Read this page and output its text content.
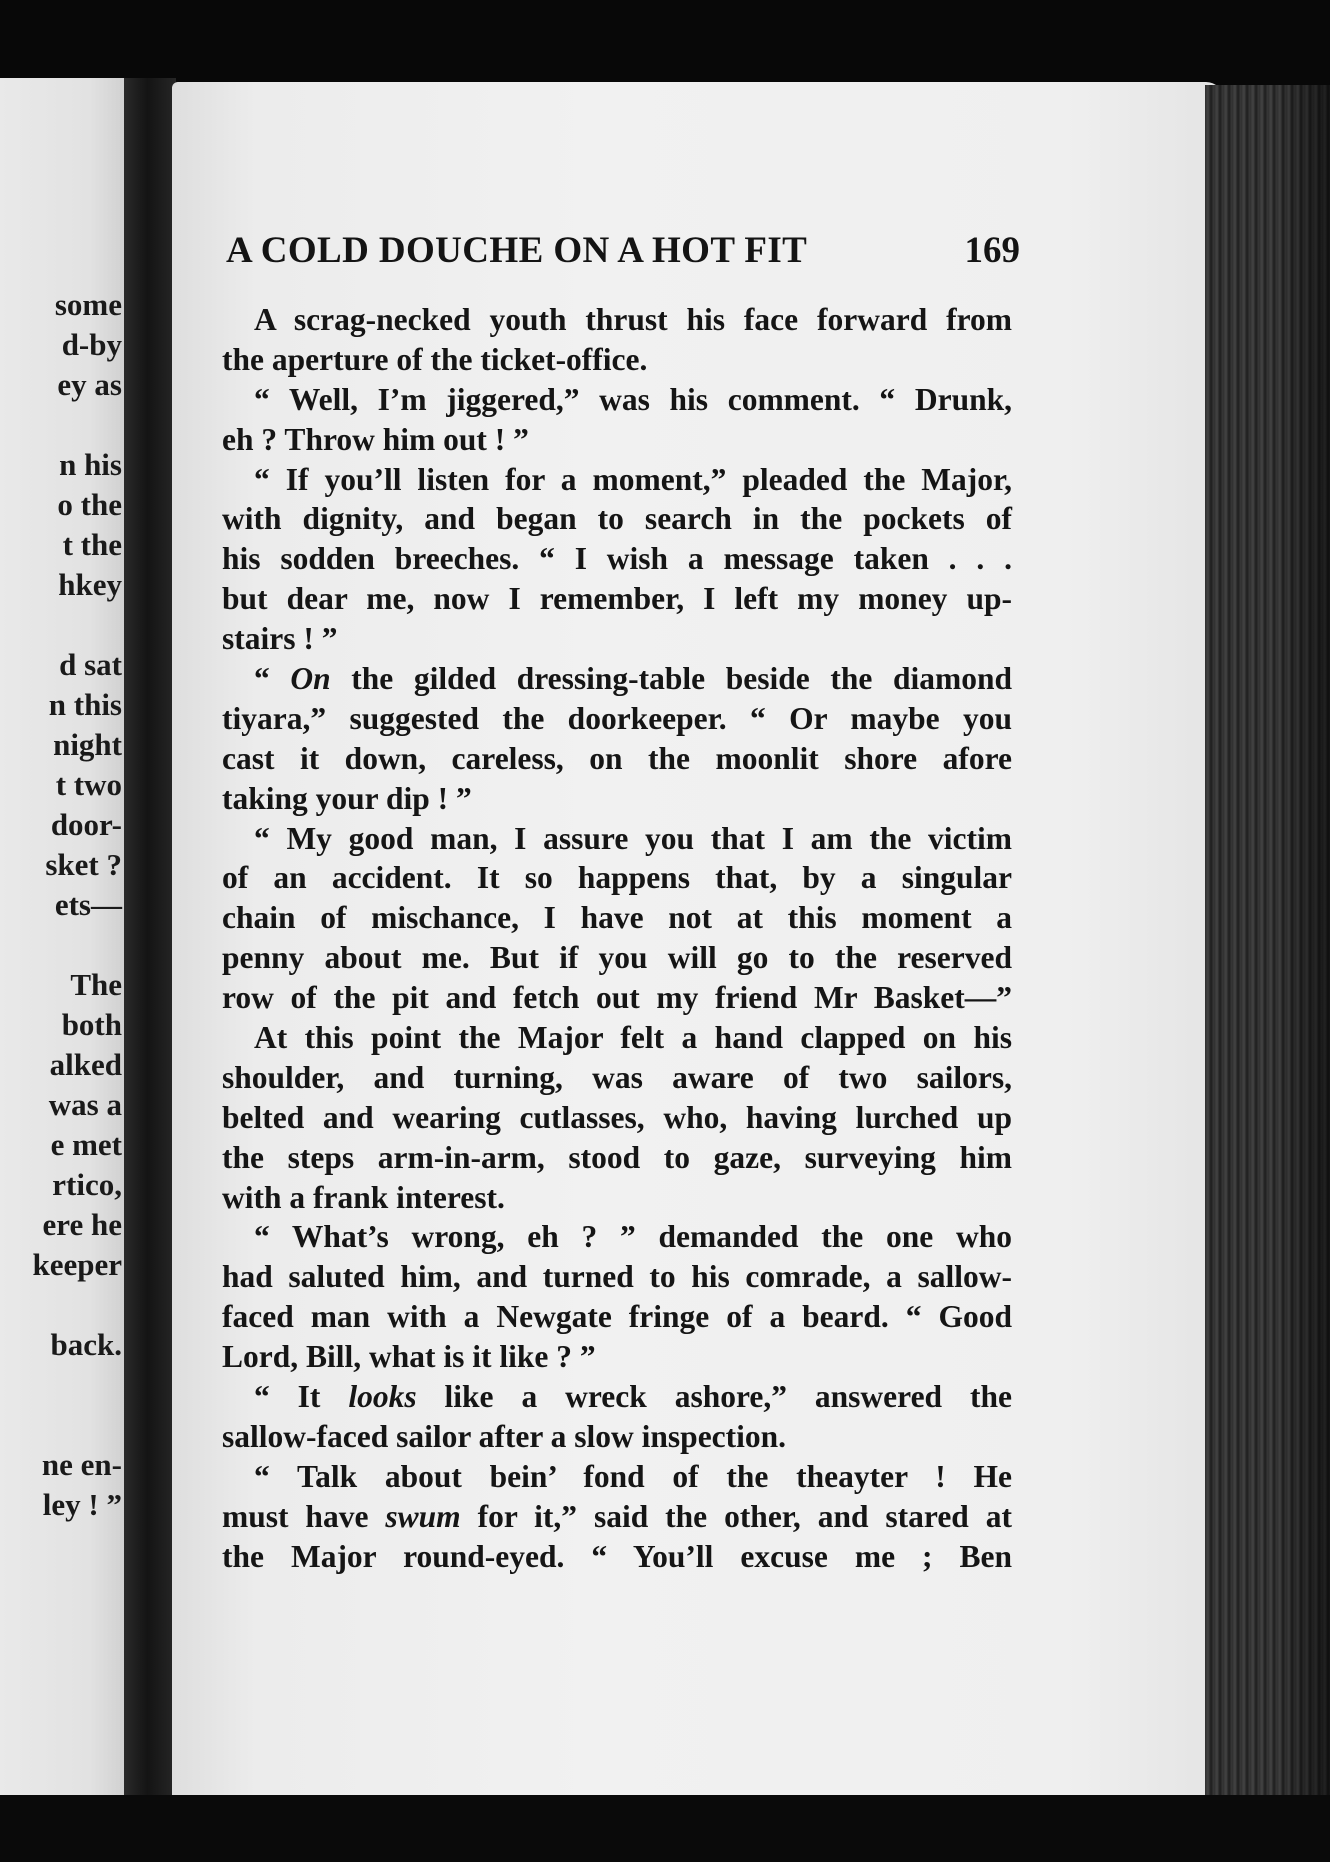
some

d-by

ey as

n his

o the

t the

hkey

d sat

n this

night

t two

door-

sket ?

ets—

The

both

alked

was a

e met

rtico,

ere he

keeper

back.

ne en-

ley ! ”

A COLD DOUCHE ON A HOT FIT	169

A scrag-necked youth thrust his face forward from

the aperture of the ticket-office.

“ Well, I’m jiggered,” was his comment. “ Drunk,

eh ? Throw him out ! ”

“ If you’ll listen for a moment,” pleaded the Major,

with dignity, and began to search in the pockets of

his sodden breeches. “ I wish a message taken . . .

but dear me, now I remember, I left my money up-

stairs ! ”

“ On the gilded dressing-table beside the diamond

tiyara,” suggested the doorkeeper. “ Or maybe you

cast it down, careless, on the moonlit shore afore

taking your dip ! ”

“ My good man, I assure you that I am the victim

of an accident. It so happens that, by a singular

chain of mischance, I have not at this moment a

penny about me. But if you will go to the reserved

row of the pit and fetch out my friend Mr Basket—”

At this point the Major felt a hand clapped on his

shoulder, and turning, was aware of two sailors,

belted and wearing cutlasses, who, having lurched up

the steps arm-in-arm, stood to gaze, surveying him

with a frank interest.

“ What’s wrong, eh ? ” demanded the one who

had saluted him, and turned to his comrade, a sallow-

faced man with a Newgate fringe of a beard. “ Good

Lord, Bill, what is it like ? ”

“ It looks like a wreck ashore,” answered the

sallow-faced sailor after a slow inspection.

“ Talk about bein’ fond of the theayter ! He

must have swum for it,” said the other, and stared at

the Major round-eyed. “ You’ll excuse me ; Ben
